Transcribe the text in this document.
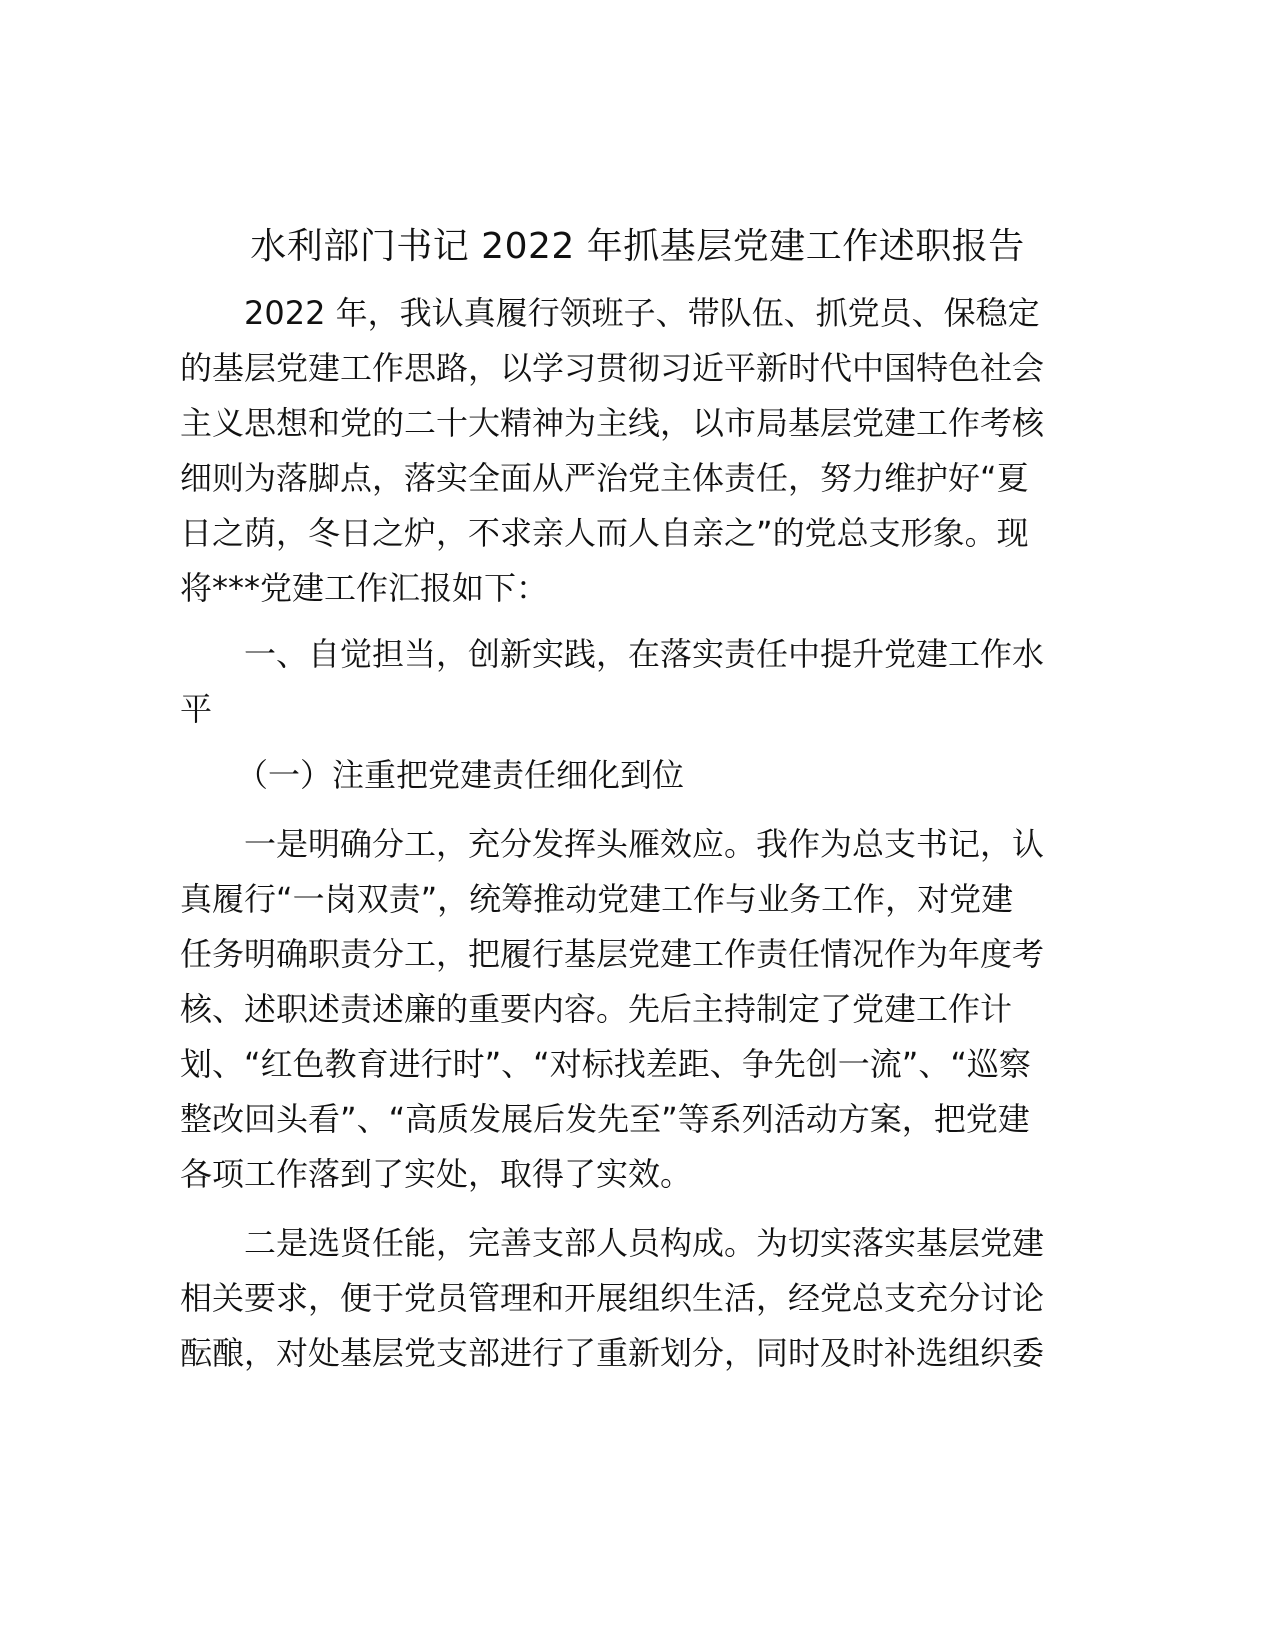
水利部门书记 2022 年抓基层党建工作述职报告

2022 年，我认真履行领班子、带队伍、抓党员、保稳定

的基层党建工作思路，以学习贯彻习近平新时代中国特色社会

主义思想和党的二十大精神为主线，以市局基层党建工作考核

细则为落脚点，落实全面从严治党主体责任，努力维护好“夏

日之荫，冬日之炉，不求亲人而人自亲之”的党总支形象。现

将***党建工作汇报如下：

一、自觉担当，创新实践，在落实责任中提升党建工作水

平

（一）注重把党建责任细化到位

一是明确分工，充分发挥头雁效应。我作为总支书记，认

真履行“一岗双责”，统筹推动党建工作与业务工作，对党建

任务明确职责分工，把履行基层党建工作责任情况作为年度考

核、述职述责述廉的重要内容。先后主持制定了党建工作计

划、“红色教育进行时”、“对标找差距、争先创一流”、“巡察

整改回头看”、“高质发展后发先至”等系列活动方案，把党建

各项工作落到了实处，取得了实效。

二是选贤任能，完善支部人员构成。为切实落实基层党建

相关要求，便于党员管理和开展组织生活，经党总支充分讨论

酝酿，对处基层党支部进行了重新划分，同时及时补选组织委
